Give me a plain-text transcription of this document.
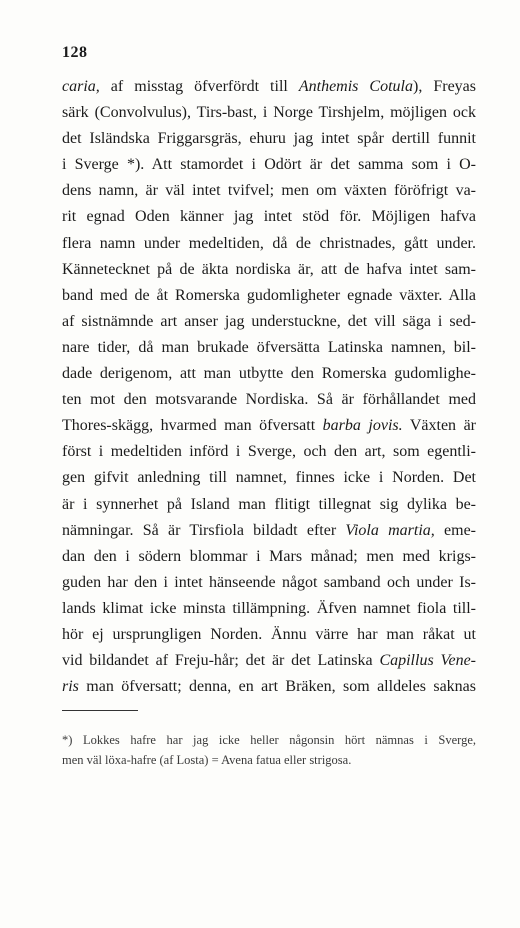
128
caria, af misstag öfverfördt till Anthemis Cotula), Freyas
särk (Convolvulus), Tirs-bast, i Norge Tirshjelm, möjligen ock
det Isländska Friggarsgräs, ehuru jag intet spår dertill funnit
i Sverge *). Att stamordet i Odört är det samma som i O-
dens namn, är väl intet tvifvel; men om växten föröfrigt va-
rit egnad Oden känner jag intet stöd för. Möjligen hafva
flera namn under medeltiden, då de christnades, gått under.
Kännetecknet på de äkta nordiska är, att de hafva intet sam-
band med de åt Romerska gudomligheter egnade växter. Alla
af sistnämnde art anser jag understuckne, det vill säga i sed-
nare tider, då man brukade öfversätta Latinska namnen, bil-
dade derigenom, att man utbytte den Romerska gudomlighe-
ten mot den motsvarande Nordiska. Så är förhållandet med
Thores-skägg, hvarmed man öfversatt barba jovis. Växten är
först i medeltiden införd i Sverge, och den art, som egentli-
gen gifvit anledning till namnet, finnes icke i Norden. Det
är i synnerhet på Island man flitigt tillegnat sig dylika be-
nämningar. Så är Tirsfiola bildadt efter Viola martia, eme-
dan den i södern blommar i Mars månad; men med krigs-
guden har den i intet hänseende något samband och under Is-
lands klimat icke minsta tillämpning. Äfven namnet fiola till-
hör ej ursprungligen Norden. Ännu värre har man råkat ut
vid bildandet af Freju-hår; det är det Latinska Capillus Vene-
ris man öfversatt; denna, en art Bräken, som alldeles saknas
*) Lokkes hafre har jag icke heller någonsin hört nämnas i Sverge,
men väl löxa-hafre (af Losta) = Avena fatua eller strigosa.
